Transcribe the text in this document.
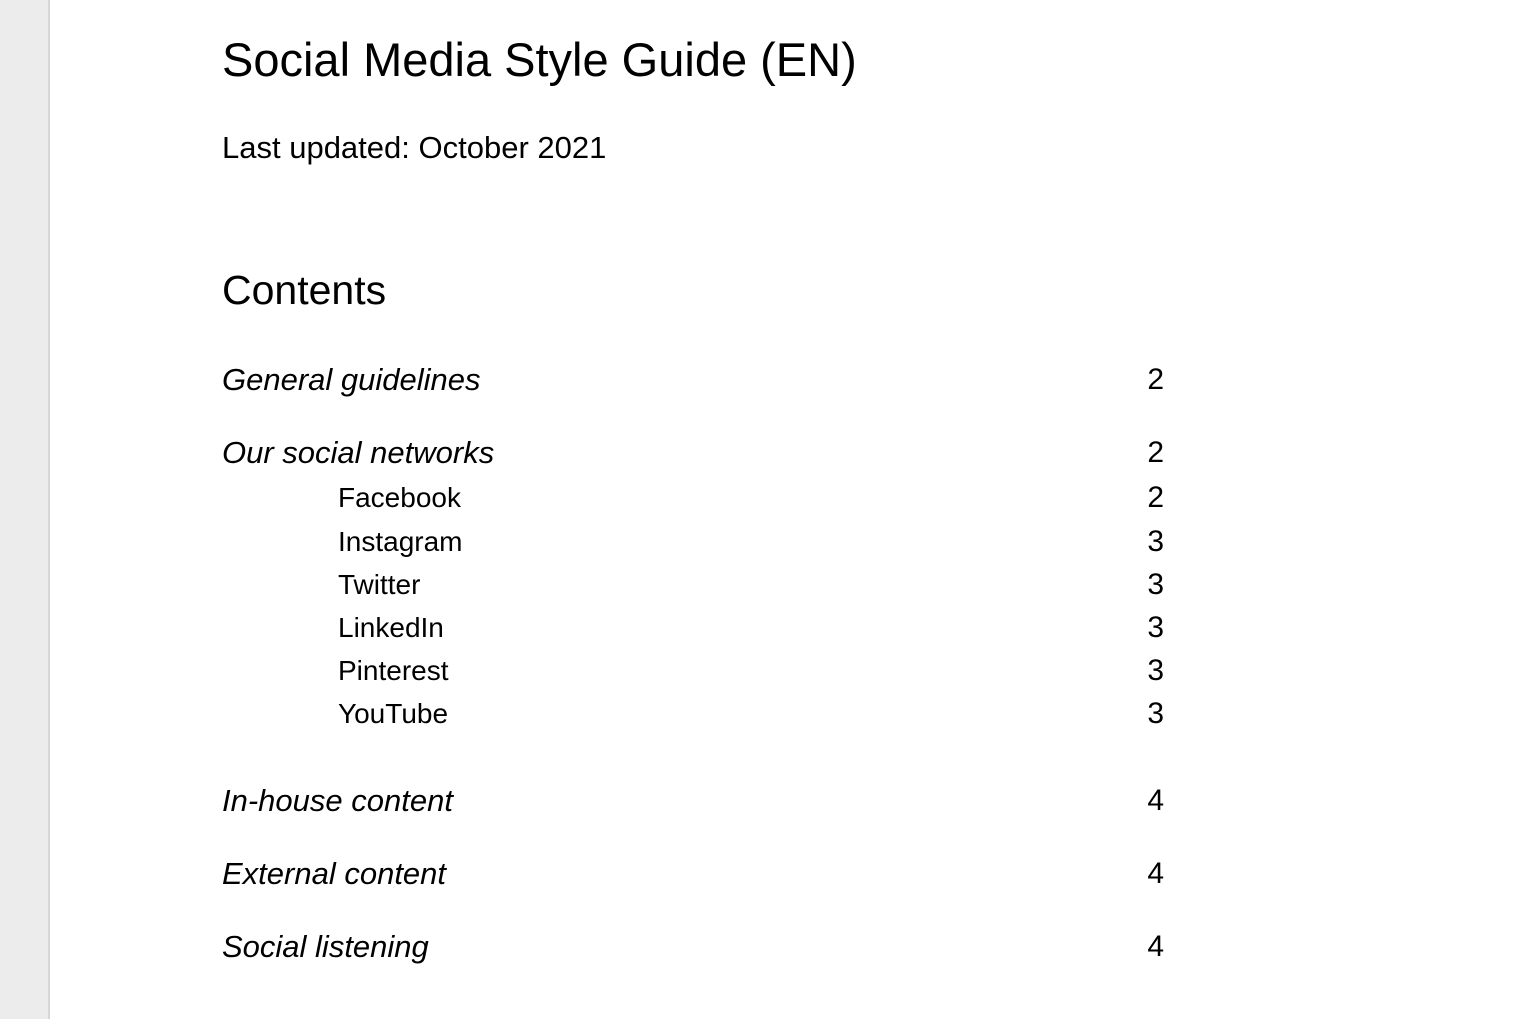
Social Media Style Guide (EN)
Last updated: October 2021
Contents
General guidelines	2
Our social networks	2
Facebook	2
Instagram	3
Twitter	3
LinkedIn	3
Pinterest	3
YouTube	3
In-house content	4
External content	4
Social listening	4
